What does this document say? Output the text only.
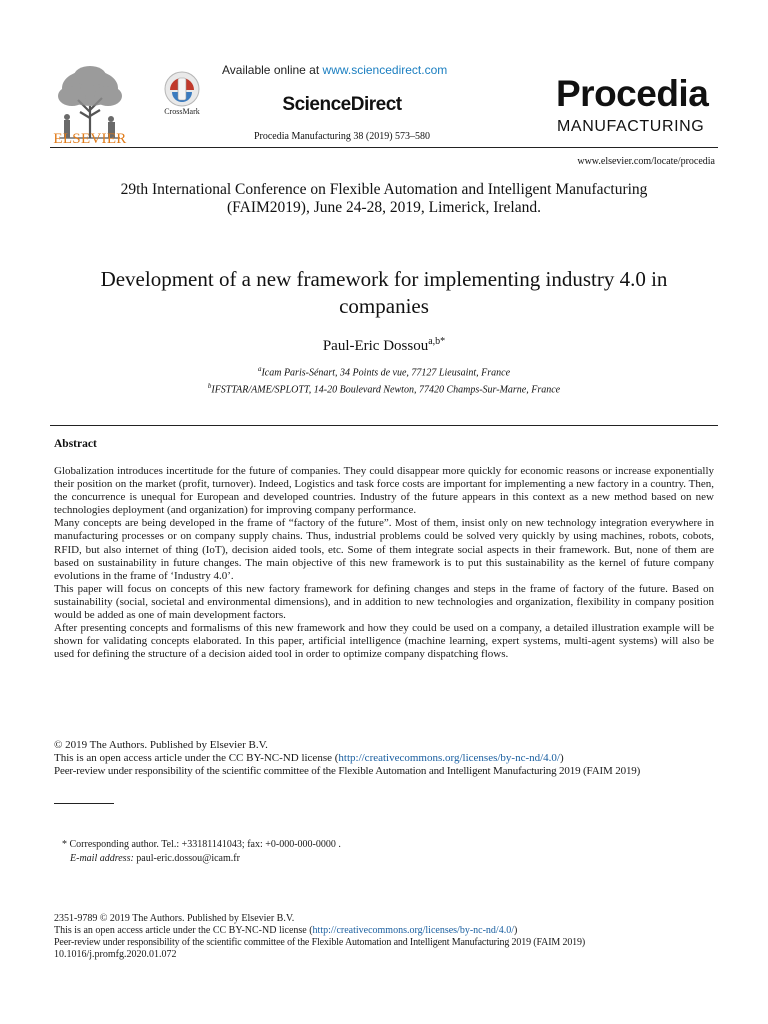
ELSEVIER
CrossMark
Available online at www.sciencedirect.com
ScienceDirect
Procedia Manufacturing 38 (2019) 573–580
Procedia
MANUFACTURING
www.elsevier.com/locate/procedia
29th International Conference on Flexible Automation and Intelligent Manufacturing
(FAIM2019), June 24-28, 2019, Limerick, Ireland.
Development of a new framework for implementing industry 4.0 in
companies
Paul-Eric Dossou$^{a,b*}$
$^a$Icam Paris-Sénart, 34 Points de vue, 77127 Lieusaint, France
$^b$IFSTTAR/AME/SPLOTT, 14-20 Boulevard Newton, 77420 Champs-Sur-Marne, France
Abstract

Globalization introduces incertitude for the future of companies. They could disappear more quickly for economic reasons or increase exponentially their position on the market (profit, turnover). Indeed, Logistics and task force costs are important for implementing a new factory in a country. Then, the concurrence is unequal for European and developed countries. Industry of the future appears in this context as a new method based on new technologies deployment (and organization) for improving company performance.

Many concepts are being developed in the frame of “factory of the future”. Most of them, insist only on new technology integration everywhere in manufacturing processes or on company supply chains. Thus, industrial problems could be solved very quickly by using machines, robots, cobots, RFID, but also internet of thing (IoT), decision aided tools, etc. Some of them integrate social aspects in their framework. But, none of them are based on sustainability in future changes. The main objective of this new framework is to put this sustainability as the kernel of future company evolutions in the frame of ‘Industry 4.0’.

This paper will focus on concepts of this new factory framework for defining changes and steps in the frame of factory of the future. Based on sustainability (social, societal and environmental dimensions), and in addition to new technologies and organization, flexibility in company position would be added as one of main development factors.

After presenting concepts and formalisms of this new framework and how they could be used on a company, a detailed illustration example will be shown for validating concepts elaborated. In this paper, artificial intelligence (machine learning, expert systems, multi-agent systems) will also be used for defining the structure of a decision aided tool in order to optimize company dispatching flows.

© 2019 The Authors. Published by Elsevier B.V.
This is an open access article under the CC BY-NC-ND license (http://creativecommons.org/licenses/by-nc-nd/4.0/)
Peer-review under responsibility of the scientific committee of the Flexible Automation and Intelligent Manufacturing 2019 (FAIM 2019)
* Corresponding author. Tel.: +33181141043; fax: +0-000-000-0000 .
E-mail address: paul-eric.dossou@icam.fr
2351-9789 © 2019 The Authors. Published by Elsevier B.V.
This is an open access article under the CC BY-NC-ND license (http://creativecommons.org/licenses/by-nc-nd/4.0/)
Peer-review under responsibility of the scientific committee of the Flexible Automation and Intelligent Manufacturing 2019 (FAIM 2019)
10.1016/j.promfg.2020.01.072
